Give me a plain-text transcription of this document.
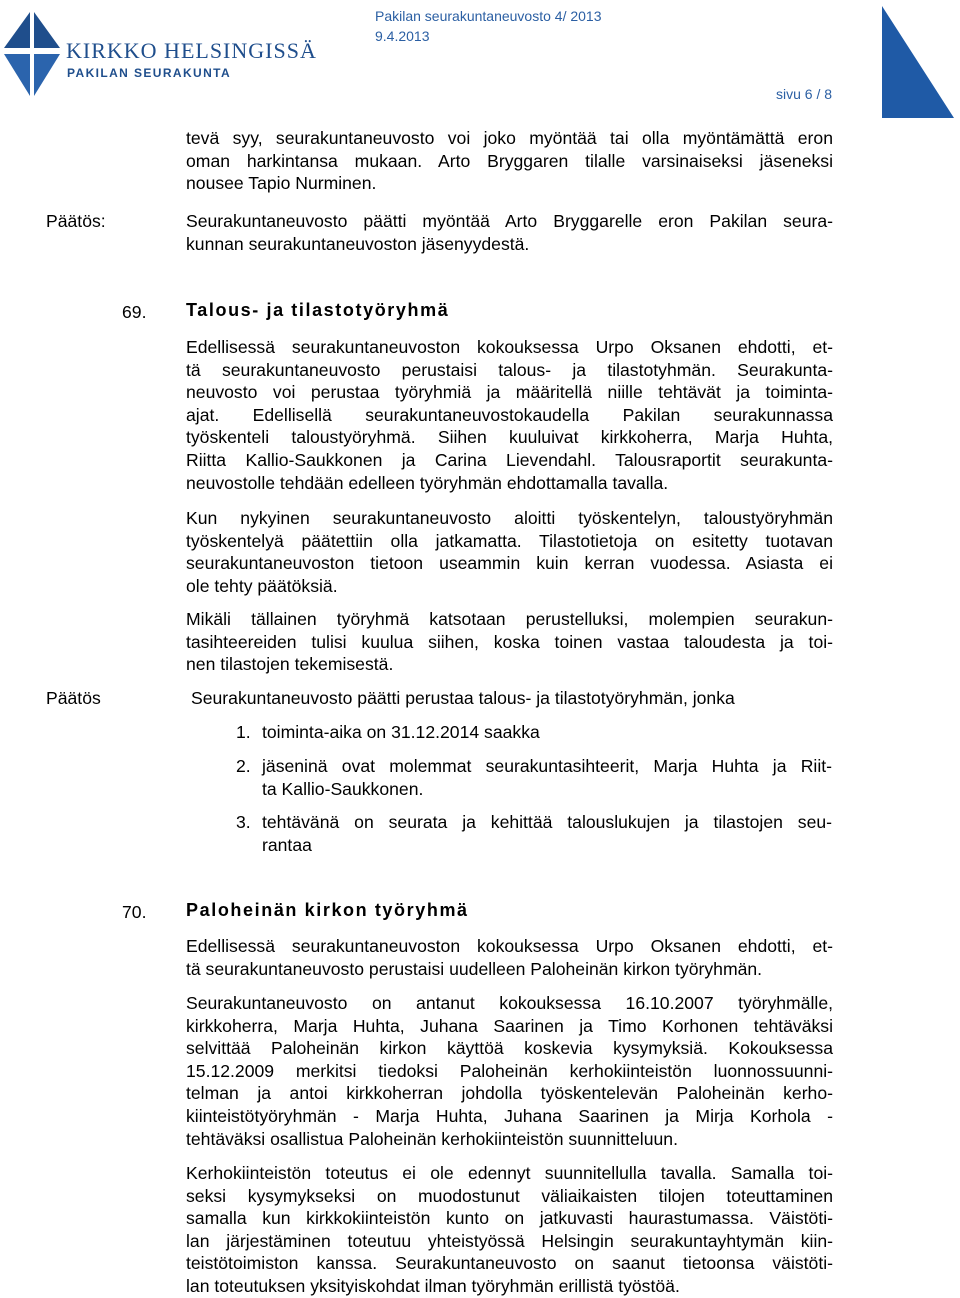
KIRKKO HELSINGISSÄ
PAKILAN SEURAKUNTA
Pakilan seurakuntaneuvosto 4/ 2013
9.4.2013
sivu 6 / 8
tevä syy, seurakuntaneuvosto voi joko myöntää tai olla myöntämättä eron
oman harkintansa mukaan. Arto Bryggaren tilalle varsinaiseksi jäseneksi
nousee Tapio Nurminen.
Päätös:	Seurakuntaneuvosto päätti myöntää Arto Bryggarelle eron Pakilan seura-
kunnan seurakuntaneuvoston jäsenyydestä.
69. Talous- ja tilastotyöryhmä
Edellisessä seurakuntaneuvoston kokouksessa Urpo Oksanen ehdotti, et-
tä seurakuntaneuvosto perustaisi talous- ja tilastotyhmän. Seurakunta-
neuvosto voi perustaa työryhmiä ja määritellä niille tehtävät ja toiminta-
ajat. Edellisellä seurakuntaneuvostokaudella Pakilan seurakunnassa
työskenteli taloustyöryhmä. Siihen kuuluivat kirkkoherra, Marja Huhta,
Riitta Kallio-Saukkonen ja Carina Lievendahl. Talousraportit seurakunta-
neuvostolle tehdään edelleen työryhmän ehdottamalla tavalla.
Kun nykyinen seurakuntaneuvosto aloitti työskentelyn, taloustyöryhmän
työskentelyä päätettiin olla jatkamatta. Tilastotietoja on esitetty tuotavan
seurakuntaneuvoston tietoon useammin kuin kerran vuodessa. Asiasta ei
ole tehty päätöksiä.
Mikäli tällainen työryhmä katsotaan perustelluksi, molempien seurakun-
tasihteereiden tulisi kuulua siihen, koska toinen vastaa taloudesta ja toi-
nen tilastojen tekemisestä.
Päätös	Seurakuntaneuvosto päätti perustaa talous- ja tilastotyöryhmän, jonka
1. toiminta-aika on 31.12.2014 saakka
2. jäseninä ovat molemmat seurakuntasihteerit, Marja Huhta ja Riit-
ta Kallio-Saukkonen.
3. tehtävänä on seurata ja kehittää talouslukujen ja tilastojen seu-
rantaa
70. Paloheinän kirkon työryhmä
Edellisessä seurakuntaneuvoston kokouksessa Urpo Oksanen ehdotti, et-
tä seurakuntaneuvosto perustaisi uudelleen Paloheinän kirkon työryhmän.
Seurakuntaneuvosto on antanut kokouksessa 16.10.2007 työryhmälle,
kirkkoherra, Marja Huhta, Juhana Saarinen ja Timo Korhonen tehtäväksi
selvittää Paloheinän kirkon käyttöä koskevia kysymyksiä. Kokouksessa
15.12.2009 merkitsi tiedoksi Paloheinän kerhokiinteistön luonnossuunni-
telman ja antoi kirkkoherran johdolla työskentelevän Paloheinän kerho-
kiinteistötyöryhmän - Marja Huhta, Juhana Saarinen ja Mirja Korhola -
tehtäväksi osallistua Paloheinän kerhokiinteistön suunnitteluun.
Kerhokiinteistön toteutus ei ole edennyt suunnitellulla tavalla. Samalla toi-
seksi kysymykseksi on muodostunut väliaikaisten tilojen toteuttaminen
samalla kun kirkkokiinteistön kunto on jatkuvasti haurastumassa. Väistöti-
lan järjestäminen toteutuu yhteistyössä Helsingin seurakuntayhtymän kiin-
teistötoimiston kanssa. Seurakuntaneuvosto on saanut tietoonsa väistöti-
lan toteutuksen yksityiskohdat ilman työryhmän erillistä työstöä.
